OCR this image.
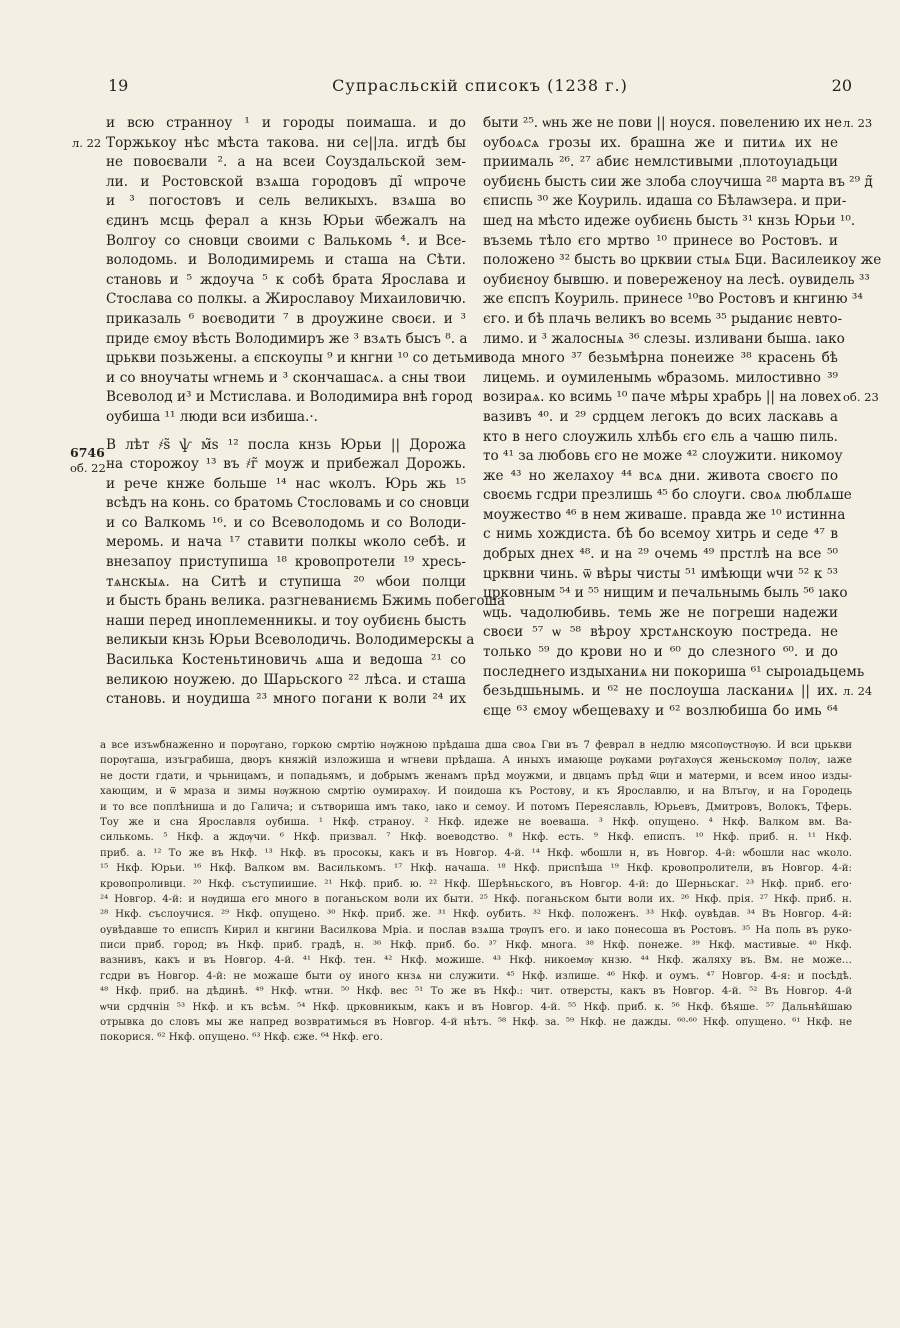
19	Супрасльскій списокъ (1238 г.)	20
л. 22
6746
об. 22
л. 23
об. 23
л. 24
и всю странноу ¹ и городы поимаша. и до
Торжькоу нѣс мѣста такова. ни се||ла. игдѣ бы
не повоєвали ². а на всеи Соуздальской зем-
ли. и Ростовской взѧша городовъ ді̃ ѡпроче
и ³ погостовъ и сель великыхъ. взѧша во
єдинъ мсць ферал а кнзь Юрьи ѿбежалъ на
Волгоу со сновци своими с Валькомь ⁴. и Все-
володомь. и Володимиремь и сташа на Сѣти.
становь и ⁵ ждоуча ⁵ к собѣ брата Ярослава и
Стослава со полкы. а Жирославоу Михаиловичю.
приказаль ⁶ воєводити ⁷ в дроужине своєи. и ³
приде ємоу вѣсть Володимиръ же ³ взѧть бысъ ⁸. а
црькви позьжены. а єпскоупы ⁹ и кнгни ¹⁰ со детьми.
и со вноучаты ѡгнемь и ³ скончашасѧ. а сны твои
Всеволод и³ и Мстислава. и Володимира внѣ город
оубиша ¹¹ люди вси избиша.·.
В лѣт ҂s̃ ѱ м̃s ¹² посла кнзь Юрьи || Дорожа
на сторожоу ¹³ въ ҂г̃ моуж и прибежал Дорожь.
и рече кнже больше ¹⁴ нас ѡколъ. Юрь жь ¹⁵
всѣдъ на конь. со братомь Стословамь и со сновци
и со Валкомь ¹⁶. и со Всеволодомь и со Володи-
меромь. и нача ¹⁷ ставити полкы ѡколо себѣ. и
внезапоу приступиша ¹⁸ кровопротели ¹⁹ хресь-
тѧнскыѧ. на Ситѣ и ступиша ²⁰ ѡбои полци
и бысть брань велика. разгневаниємь Бжимь побегоша
наши перед иноплеменникы. и тоу оубиєнь бысть
великыи кнзь Юрьи Всеволодичь. Володимерскы а
Василька Костеньтиновичь ѧша и ведоша ²¹ со
великою ноужею. до Шарьского ²² лѣса. и сташа
становь. и ноудиша ²³ много погани к воли ²⁴ их
быти ²⁵. ѡнь же не пови || ноуся. повелению их не
оубоѧсѧ грозы их. брашна же и питиѧ их не
приималь ²⁶. ²⁷ абиє немлстивыми ˌплотоуıадьци
оубиєнь бысть сии же злоба слоучиша ²⁸ марта въ ²⁹ д̃
єписпь ³⁰ же Коуриль. идаша со Бѣлаѡзера. и при-
шед на мѣсто идеже оубиєнь бысть ³¹ кнзь Юрьи ¹⁰.
въземь тѣло єго мртво ¹⁰ принесе во Ростовъ. и
положено ³² бысть во црквии стыѧ Бци. Василеикоу же
оубиєноу бывшю. и повереженоу на лесѣ. оувидель ³³
же єпспъ Коуриль. принесе ¹⁰во Ростовъ и кнгиню ³⁴
єго. и бѣ плачь великъ во всемь ³⁵ рыданиє невто-
лимо. и ³ жалосныѧ ³⁶ слезы. изливани быша. ıако
вода много ³⁷ безьмѣрна понеиже ³⁸ красень бѣ
лицемь. и оумиленымь ѡбразомь. милостивно ³⁹
возираѧ. ко всимь ¹⁰ паче мѣры храбрь || на ловех
вазивъ ⁴⁰. и ²⁹ срдцем легокъ до всих ласкавь а
кто в него слоужиль хлѣбь єго єль а чашю пиль.
то ⁴¹ за любовь єго не може ⁴² слоужити. никомоу
же ⁴³ но желахоу ⁴⁴ всѧ дни. живота своєго по
своємь гсдри презлишь ⁴⁵ бо слоуги. своѧ люблѧше
моужество ⁴⁶ в нем живаше. правда же ¹⁰ истинна
с нимь хождиста. бѣ бо всемоу хитрь и седе ⁴⁷ в
добрых днех ⁴⁸. и на ²⁹ очемь ⁴⁹ прстлѣ на все ⁵⁰
црквни чинь. ѿ вѣры чисты ⁵¹ имѣющи ѡчи ⁵² к ⁵³
црковным ⁵⁴ и ⁵⁵ нищим и печальнымь быль ⁵⁶ ıако
ѡць. чадолюбивь. темь же не погреши надежи
своєи ⁵⁷ ѡ ⁵⁸ вѣроу хрстѧнскоую постреда. не
только ⁵⁹ до крови но и ⁶⁰ до слезного ⁶⁰. и до
последнего издыханиѧ ни покориша ⁶¹ сыроıадьцемь
безьдшьнымь. и ⁶² не послоуша ласканиѧ || их.
єще ⁶³ ємоу ѡбещеваху и ⁶² возлюбиша бо имь ⁶⁴
а все изъѡбнаженно и порѹгано, горкою смртію нѹжною прѣдаша дша своѧ Гви въ 7 феврал в недлю мясопѹстнѹю. И вси црькви
порѹгаша, изъграбиша, дворъ княжій изложиша и ѡгневи прѣдаша. А иныхъ имающе рѹками рѹгахѹся женьскомѹ полѹ, ıаже
не дости гдати, и чрьницамъ, и попадьямъ, и добрымъ женамъ прѣд моужми, и двцамъ прѣд ѿци и матерми, и всем иноо изды-
хающим, и ѿ мраза и зимы нѹжною смртію оумирахѹ. И поидоша къ Ростову, и къ Ярославлю, и на Влъгѹ, и на Городець
и то все поплѣниша и до Галича; и сътвориша имъ тако, ıако и семоу. И потомъ Переяславль, Юрьевъ, Дмитровъ, Волокъ, Тферь.
Тоу же и сна Ярославля оубиша. ¹ Нкф. страноу. ² Нкф. идеже не воеваша. ³ Нкф. опущено. ⁴ Нкф. Валком вм. Ва-
силькомь. ⁵ Нкф. а ждѹчи. ⁶ Нкф. призвал. ⁷ Нкф. воеводство. ⁸ Нкф. есть. ⁹ Нкф. еписпъ. ¹⁰ Нкф. приб. н. ¹¹ Нкф.
приб. а. ¹² То же въ Нкф. ¹³ Нкф. въ просокы, какъ и въ Новгор. 4-й. ¹⁴ Нкф. ѡбошли н, въ Новгор. 4-й: ѡбошли нас ѡколо.
¹⁵ Нкф. Юрьи. ¹⁶ Нкф. Валком вм. Василькомъ. ¹⁷ Нкф. начаша. ¹⁸ Нкф. приспѣша ¹⁹ Нкф. кровопролители, въ Новгор. 4-й:
кровопроливци. ²⁰ Нкф. съступиишие. ²¹ Нкф. приб. ю. ²² Нкф. Шерѣньского, въ Новгор. 4-й: до Шерньскаг. ²³ Нкф. приб. его·
²⁴ Новгор. 4-й: и нѹдиша его мнoгo в поганьском воли их быти. ²⁵ Нкф. поганьском быти воли их. ²⁶ Нкф. прія. ²⁷ Нкф. приб. н.
²⁸ Нкф. съслоучися. ²⁹ Нкф. опущено. ³⁰ Нкф. приб. же. ³¹ Нкф. оубить. ³² Нкф. положенъ. ³³ Нкф. оувѣдав. ³⁴ Въ Новгор. 4-й:
оувѣдавше то еписпъ Кирил и кнгини Василкова Мріа. и послав взѧша трѹпъ его. и ıако понесоша въ Ростовъ. ³⁵ На поль въ руко-
писи приб. город; въ Нкф. приб. градѣ, н. ³⁶ Нкф. приб. бо. ³⁷ Нкф. мнoга. ³⁸ Нкф. понеже. ³⁹ Нкф. мастивые. ⁴⁰ Нкф.
вазнивъ, какъ и въ Новгор. 4-й. ⁴¹ Нкф. тен. ⁴² Нкф. можише. ⁴³ Нкф. никоемѹ кнзю. ⁴⁴ Нкф. жаляху въ. Вм. не може…
гсдри въ Новгор. 4-й: не можаше быти оу иного кнзѧ ни служити. ⁴⁵ Нкф. излише. ⁴⁶ Нкф. и оумъ. ⁴⁷ Новгор. 4-я: и посѣдѣ.
⁴⁸ Нкф. приб. на дѣдинѣ. ⁴⁹ Нкф. ѡтни. ⁵⁰ Нкф. вес ⁵¹ То же въ Нкф.: чит. отверсты, какъ въ Новгор. 4-й. ⁵² Въ Новгор. 4-й
ѡчи срдчнін ⁵³ Нкф. и къ всѣм. ⁵⁴ Нкф. црковникым, какъ и въ Новгор. 4-й. ⁵⁵ Нкф. приб. к. ⁵⁶ Нкф. бѣяше. ⁵⁷ Дальнѣйшаю
отрывка до словъ мы же напред возвратимься въ Новгор. 4-й нѣтъ. ⁵⁸ Нкф. за. ⁵⁹ Нкф. не дажды. ⁶⁰·⁶⁰ Нкф. опущено. ⁶¹ Нкф. не
покорися. ⁶² Нкф. опущено. ⁶³ Нкф. єже. ⁶⁴ Нкф. его.
